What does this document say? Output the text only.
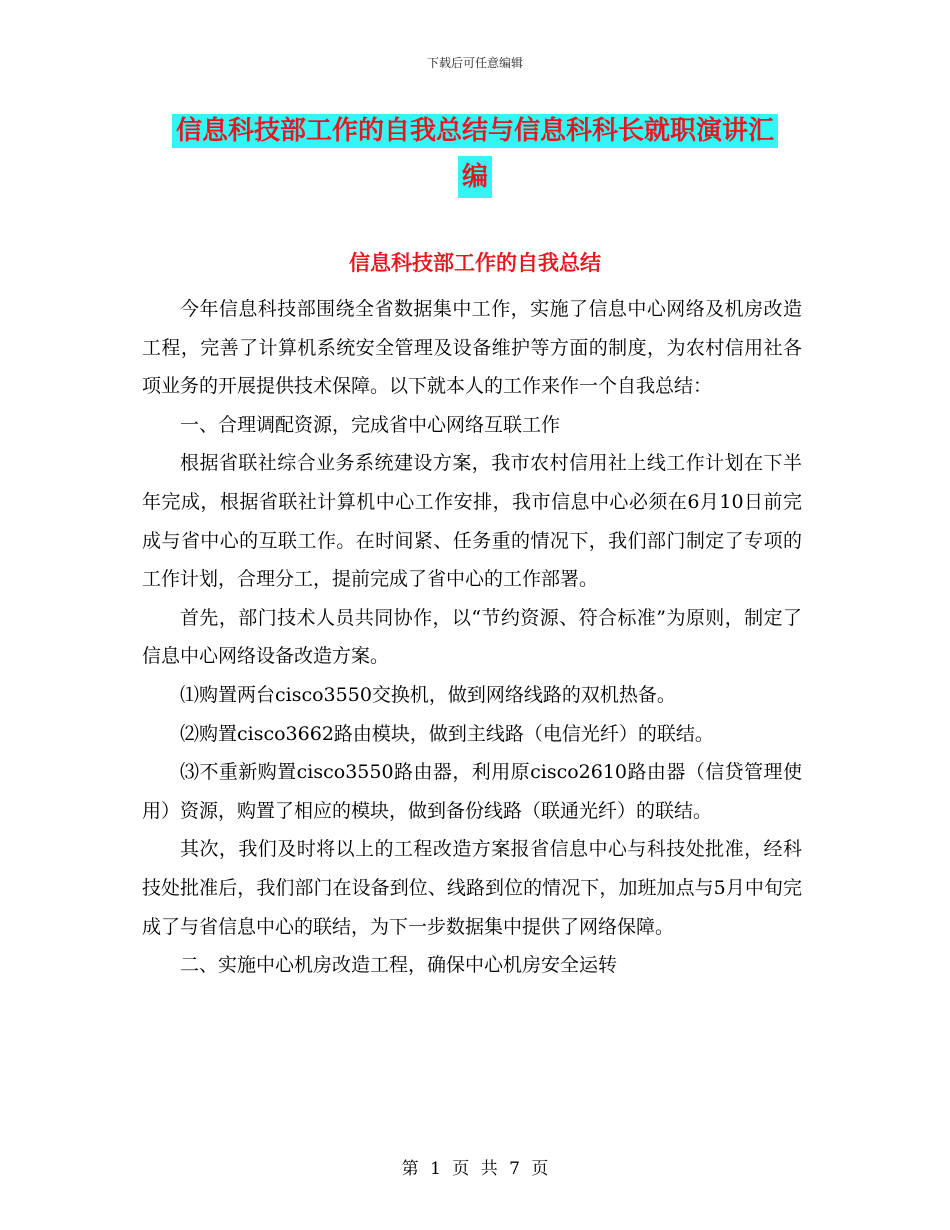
下载后可任意编辑
信息科技部工作的自我总结与信息科科长就职演讲汇
编
信息科技部工作的自我总结

今年信息科技部围绕全省数据集中工作，实施了信息中心网络及机房改造工程，完善了计算机系统安全管理及设备维护等方面的制度，为农村信用社各项业务的开展提供技术保障。以下就本人的工作来作一个自我总结：

一、合理调配资源，完成省中心网络互联工作

根据省联社综合业务系统建设方案，我市农村信用社上线工作计划在下半年完成，根据省联社计算机中心工作安排，我市信息中心必须在6月10日前完成与省中心的互联工作。在时间紧、任务重的情况下，我们部门制定了专项的工作计划，合理分工，提前完成了省中心的工作部署。

首先，部门技术人员共同协作，以“节约资源、符合标准”为原则，制定了信息中心网络设备改造方案。

⑴购置两台cisco3550交换机，做到网络线路的双机热备。

⑵购置cisco3662路由模块，做到主线路（电信光纤）的联结。

⑶不重新购置cisco3550路由器，利用原cisco2610路由器（信贷管理使用）资源，购置了相应的模块，做到备份线路（联通光纤）的联结。

其次，我们及时将以上的工程改造方案报省信息中心与科技处批准，经科技处批准后，我们部门在设备到位、线路到位的情况下，加班加点与5月中旬完成了与省信息中心的联结，为下一步数据集中提供了网络保障。

二、实施中心机房改造工程，确保中心机房安全运转

第 1 页 共 7 页
